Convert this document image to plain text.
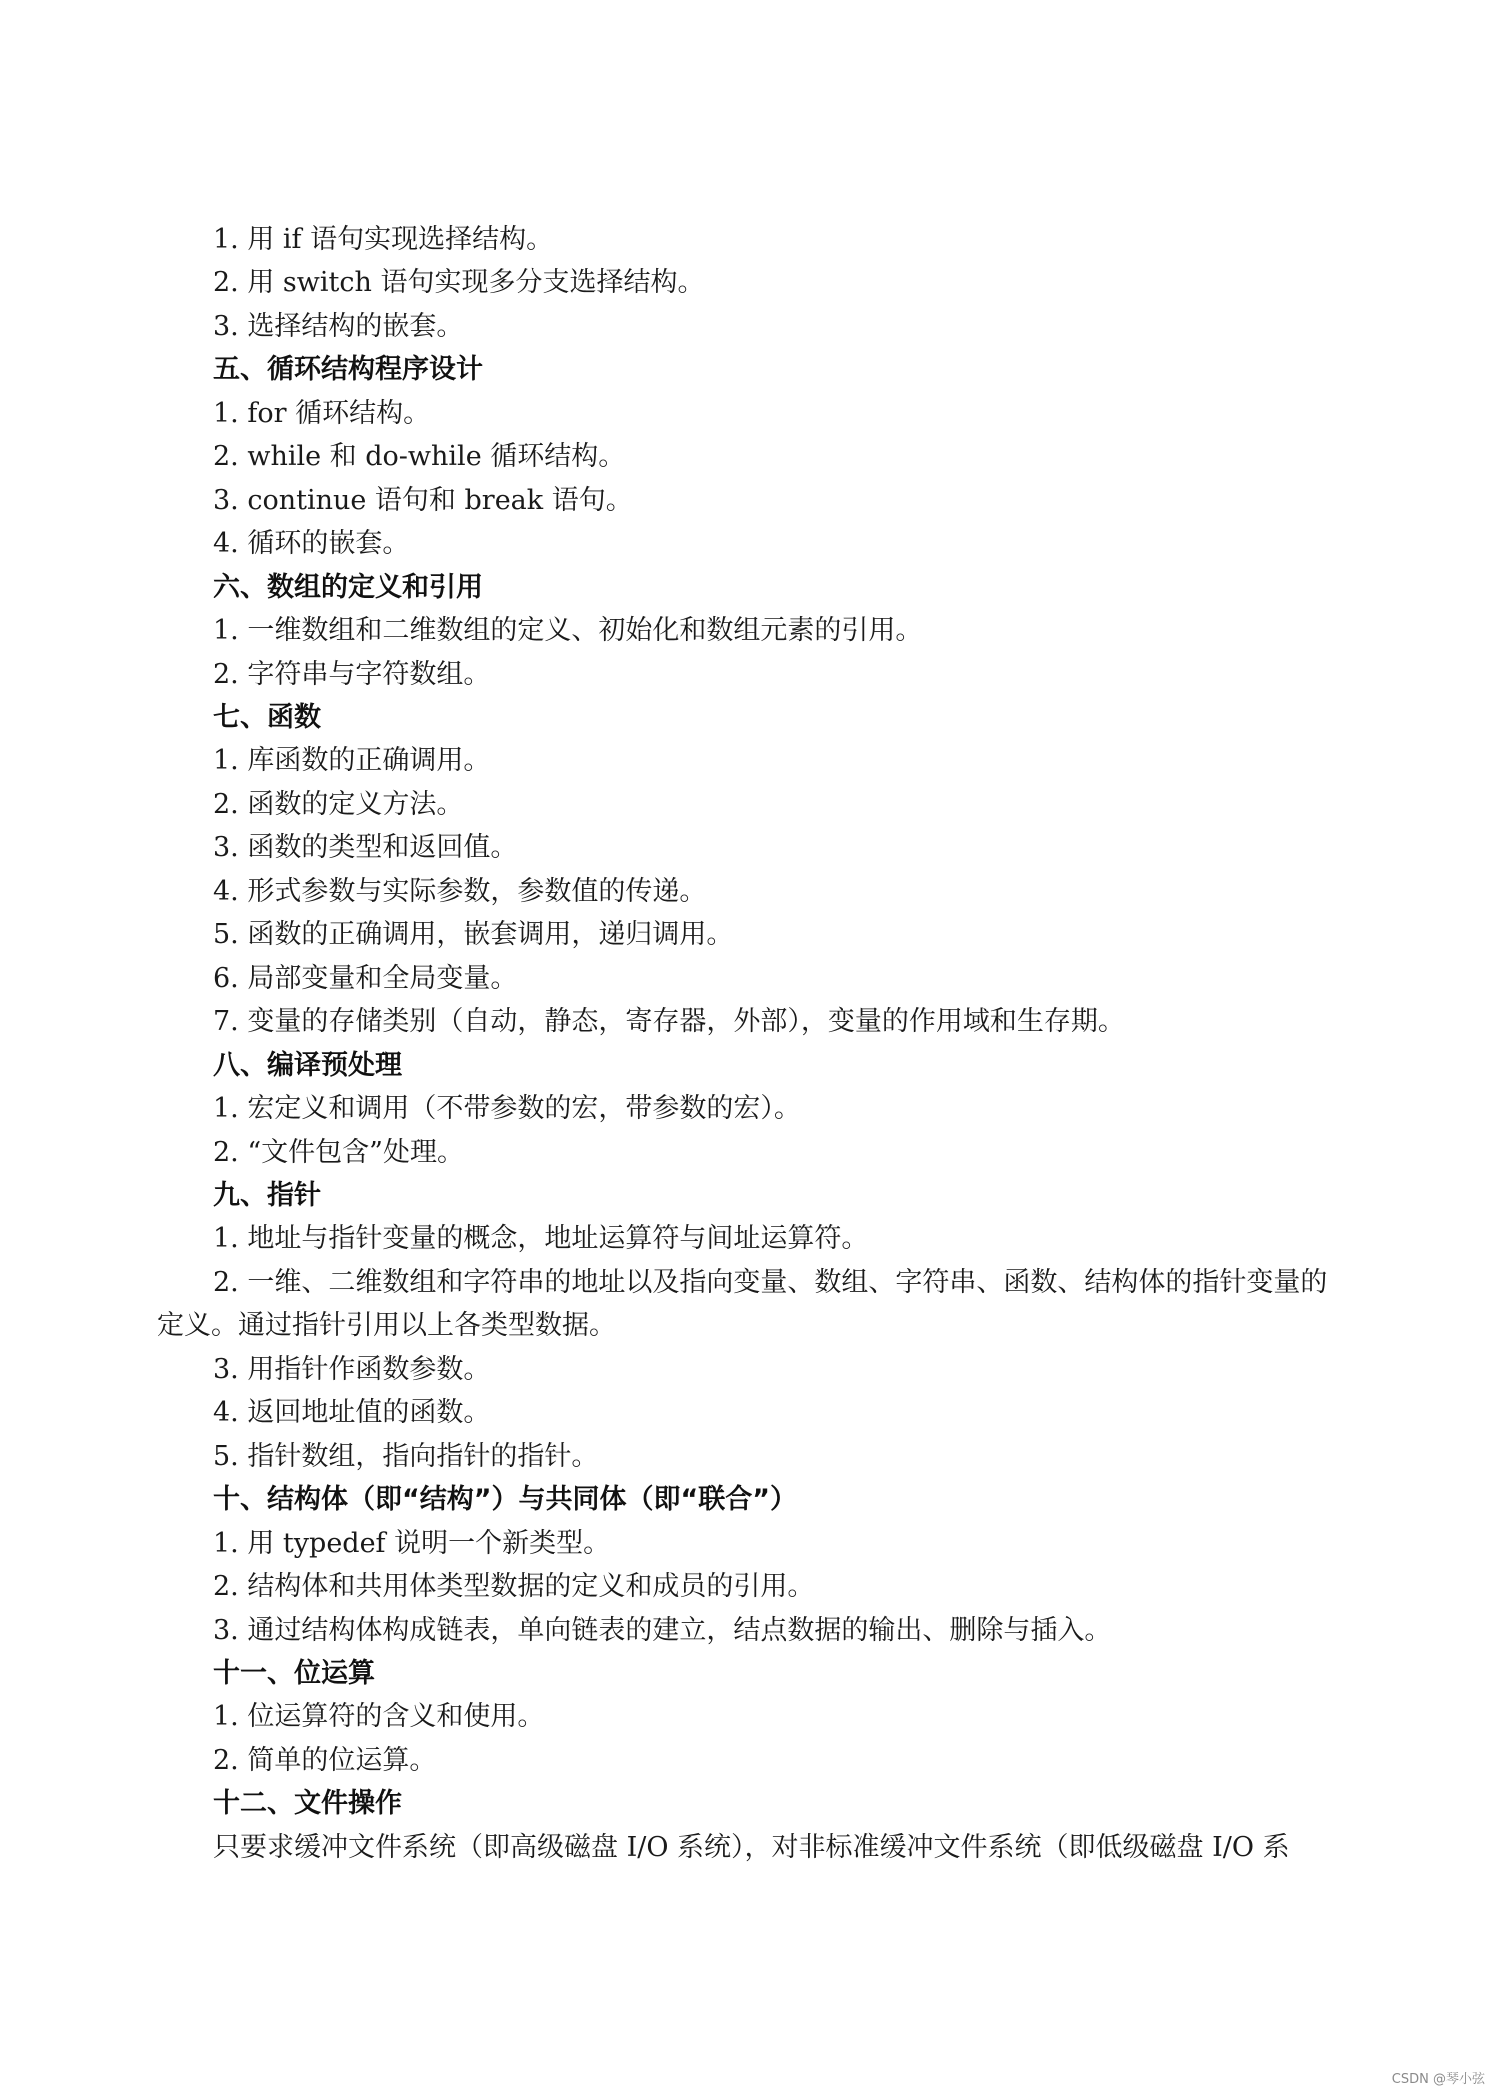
1. 用 if 语句实现选择结构。
2. 用 switch 语句实现多分支选择结构。
3. 选择结构的嵌套。
五、循环结构程序设计
1. for 循环结构。
2. while 和 do-while 循环结构。
3. continue 语句和 break 语句。
4. 循环的嵌套。
六、数组的定义和引用
1. 一维数组和二维数组的定义、初始化和数组元素的引用。
2. 字符串与字符数组。
七、函数
1. 库函数的正确调用。
2. 函数的定义方法。
3. 函数的类型和返回值。
4. 形式参数与实际参数，参数值的传递。
5. 函数的正确调用，嵌套调用，递归调用。
6. 局部变量和全局变量。
7. 变量的存储类别（自动，静态，寄存器，外部），变量的作用域和生存期。
八、编译预处理
1. 宏定义和调用（不带参数的宏，带参数的宏）。
2. “文件包含”处理。
九、指针
1. 地址与指针变量的概念，地址运算符与间址运算符。
2. 一维、二维数组和字符串的地址以及指向变量、数组、字符串、函数、结构体的指针变量的
定义。通过指针引用以上各类型数据。
3. 用指针作函数参数。
4. 返回地址值的函数。
5. 指针数组，指向指针的指针。
十、结构体（即“结构”）与共同体（即“联合”）
1. 用 typedef 说明一个新类型。
2. 结构体和共用体类型数据的定义和成员的引用。
3. 通过结构体构成链表，单向链表的建立，结点数据的输出、删除与插入。
十一、位运算
1. 位运算符的含义和使用。
2. 简单的位运算。
十二、文件操作
只要求缓冲文件系统（即高级磁盘 I/O 系统），对非标准缓冲文件系统（即低级磁盘 I/O 系
CSDN @琴小弦
